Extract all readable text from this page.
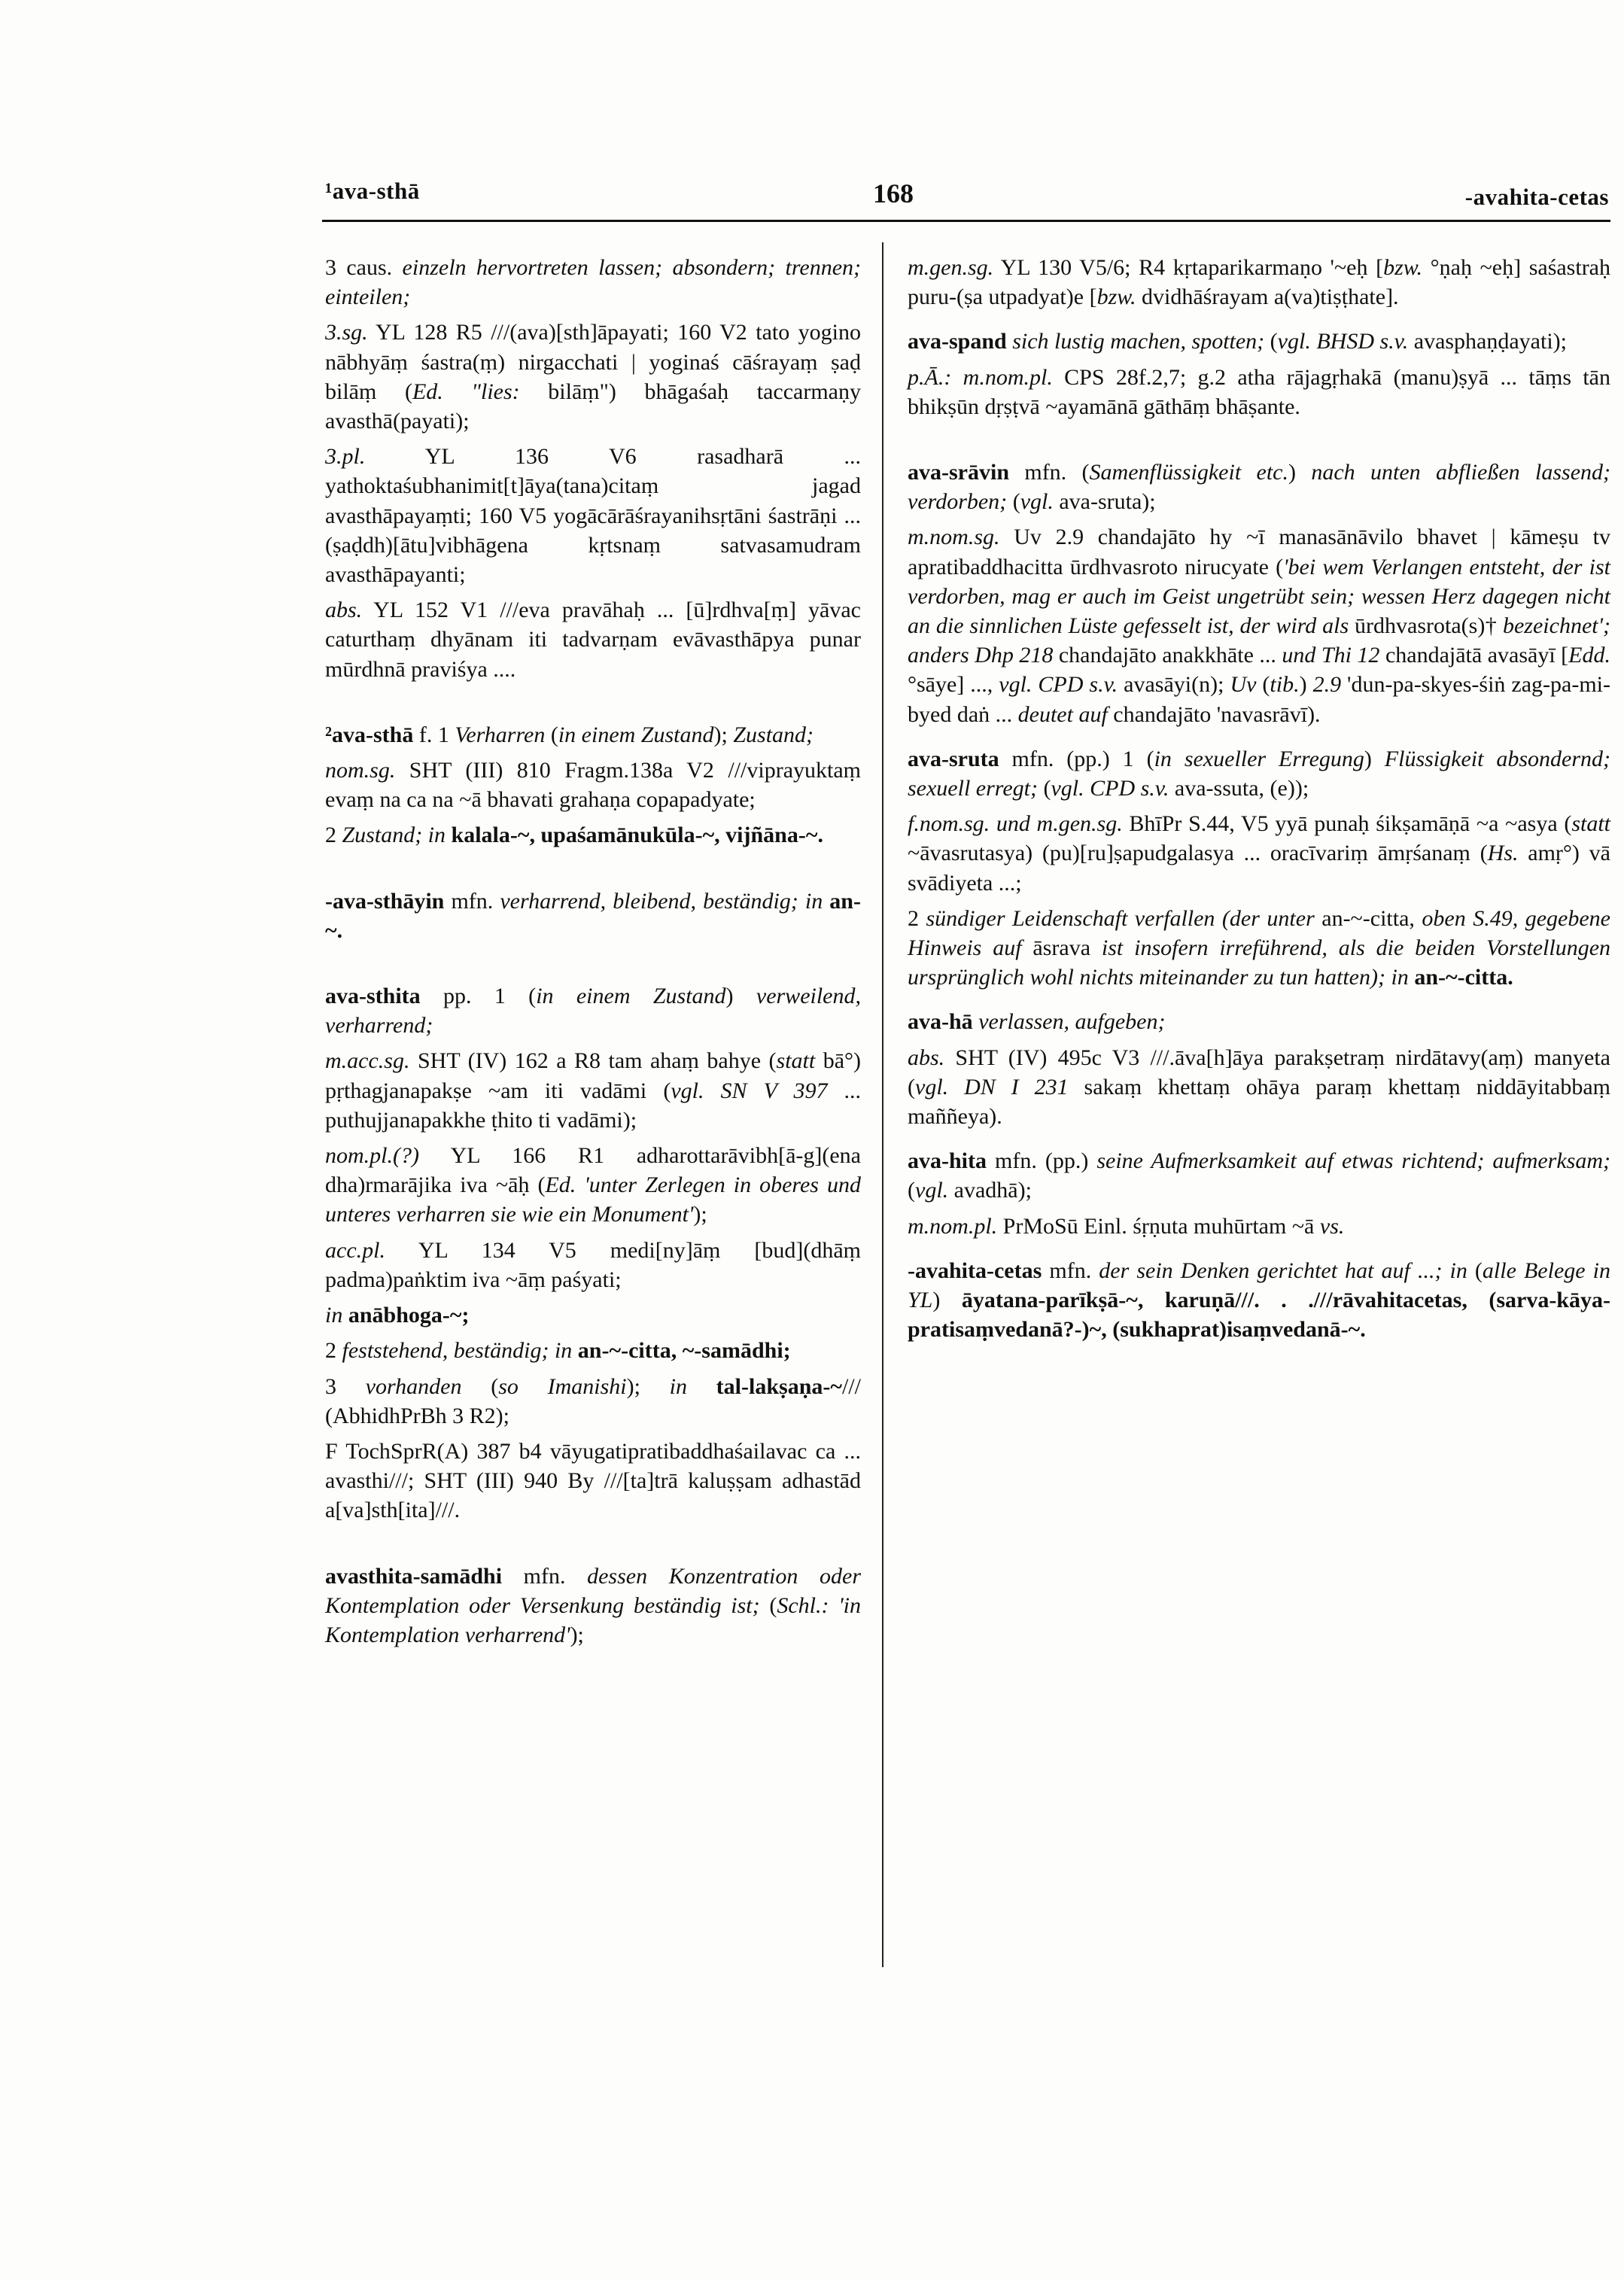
¹ava-sthā	168	-avahita-cetas

3 caus. einzeln hervortreten lassen; absondern; trennen; einteilen;

3.sg. YL 128 R5 ///(ava)[sth]āpayati; 160 V2 tato yogino nābhyāṃ śastra(ṃ) nirgacchati | yoginaś cāśrayaṃ ṣaḍ bilāṃ (Ed. "lies: bilāṃ") bhāgaśaḥ taccarmaṇy avasthā(payati);

3.pl. YL 136 V6 rasadharā ... yathoktaśubhanimit[t]āya(tana)citaṃ jagad avasthāpayaṃti; 160 V5 yogācārāśrayanihsṛtāni śastrāṇi ... (ṣaḍdh)[ātu]vibhāgena kṛtsnaṃ satvasamudram avasthāpayanti;

abs. YL 152 V1 ///eva pravāhaḥ ... [ū]rdhva[ṃ] yāvac caturthaṃ dhyānam iti tadvarṇam evāvasthāpya punar mūrdhnā praviśya ....

²ava-sthā f. 1 Verharren (in einem Zustand); Zustand;

nom.sg. SHT (III) 810 Fragm.138a V2 ///viprayuktaṃ evaṃ na ca na ~ā bhavati grahaṇa copapadyate;

2 Zustand; in kalala-~, upaśamānukūla-~, vijñāna-~.

-ava-sthāyin mfn. verharrend, bleibend, beständig; in an-~.

ava-sthita pp. 1 (in einem Zustand) verweilend, verharrend;

m.acc.sg. SHT (IV) 162 a R8 tam ahaṃ bahye (statt bā°) pṛthagjanapakṣe ~am iti vadāmi (vgl. SN V 397 ... puthujjanapakkhe ṭhito ti vadāmi);

nom.pl.(?) YL 166 R1 adharottarāvibh[ā-g](ena dha)rmarājika iva ~āḥ (Ed. 'unter Zerlegen in oberes und unteres verharren sie wie ein Monument');

acc.pl. YL 134 V5 medi[ny]āṃ [bud](dhāṃ padma)paṅktim iva ~āṃ paśyati;

in anābhoga-~;

2 feststehend, beständig; in an-~-citta, ~-samādhi;

3 vorhanden (so Imanishi); in tal-lakṣaṇa-~/// (AbhidhPrBh 3 R2);

F TochSprR(A) 387 b4 vāyugatipratibaddhaśailavac ca ... avasthi///; SHT (III) 940 By ///[ta]trā kaluṣṣam adhastād a[va]sth[ita]///.

avasthita-samādhi mfn. dessen Konzentration oder Kontemplation oder Versenkung beständig ist; (Schl.: 'in Kontemplation verharrend');

m.gen.sg. YL 130 V5/6; R4 kṛtaparikarmaṇo '~eḥ [bzw. °ṇaḥ ~eḥ] saśastraḥ puru-(ṣa utpadyat)e [bzw. dvidhāśrayam a(va)tiṣṭhate].

ava-spand sich lustig machen, spotten; (vgl. BHSD s.v. avasphaṇḍayati);

p.Ā.: m.nom.pl. CPS 28f.2,7; g.2 atha rājagṛhakā (manu)ṣyā ... tāṃs tān bhikṣūn dṛṣṭvā ~ayamānā gāthāṃ bhāṣante.

ava-srāvin mfn. (Samenflüssigkeit etc.) nach unten abfließen lassend; verdorben; (vgl. ava-sruta);

m.nom.sg. Uv 2.9 chandajāto hy ~ī manasānāvilo bhavet | kāmeṣu tv apratibaddhacitta ūrdhvasroto nirucyate ('bei wem Verlangen entsteht, der ist verdorben, mag er auch im Geist ungetrübt sein; wessen Herz dagegen nicht an die sinnlichen Lüste gefesselt ist, der wird als ūrdhvasrota(s)† bezeichnet'; anders Dhp 218 chandajāto anakkhāte ... und Thi 12 chandajātā avasāyī [Edd. °sāye] ..., vgl. CPD s.v. avasāyi(n); Uv (tib.) 2.9 'dun-pa-skyes-śiṅ zag-pa-mi-byed daṅ ... deutet auf chandajāto 'navasrāvī).

ava-sruta mfn. (pp.) 1 (in sexueller Erregung) Flüssigkeit absondernd; sexuell erregt; (vgl. CPD s.v. ava-ssuta, (e));

f.nom.sg. und m.gen.sg. BhīPr S.44, V5 yyā punaḥ śikṣamāṇā ~a ~asya (statt ~āvasrutasya) (pu)[ru]ṣapudgalasya ... oracīvariṃ āmṛśanaṃ (Hs. amṛ°) vā svādiyeta ...;

2 sündiger Leidenschaft verfallen (der unter an-~-citta, oben S.49, gegebene Hinweis auf āsrava ist insofern irreführend, als die beiden Vorstellungen ursprünglich wohl nichts miteinander zu tun hatten); in an-~-citta.

ava-hā verlassen, aufgeben;

abs. SHT (IV) 495c V3 ///.āva[h]āya parakṣetraṃ nirdātavy(aṃ) manyeta (vgl. DN I 231 sakaṃ khettaṃ ohāya paraṃ khettaṃ niddāyitabbaṃ maññeya).

ava-hita mfn. (pp.) seine Aufmerksamkeit auf etwas richtend; aufmerksam; (vgl. avadhā);

m.nom.pl. PrMoSū Einl. śṛṇuta muhūrtam ~ā vs.

-avahita-cetas mfn. der sein Denken gerichtet hat auf ...; in (alle Belege in YL) āyatana-parīkṣā-~, karuṇā///. . .///rāvahitacetas, (sarva-kāya-pratisaṃvedanā?-)~, (sukhaprat)isaṃvedanā-~.
